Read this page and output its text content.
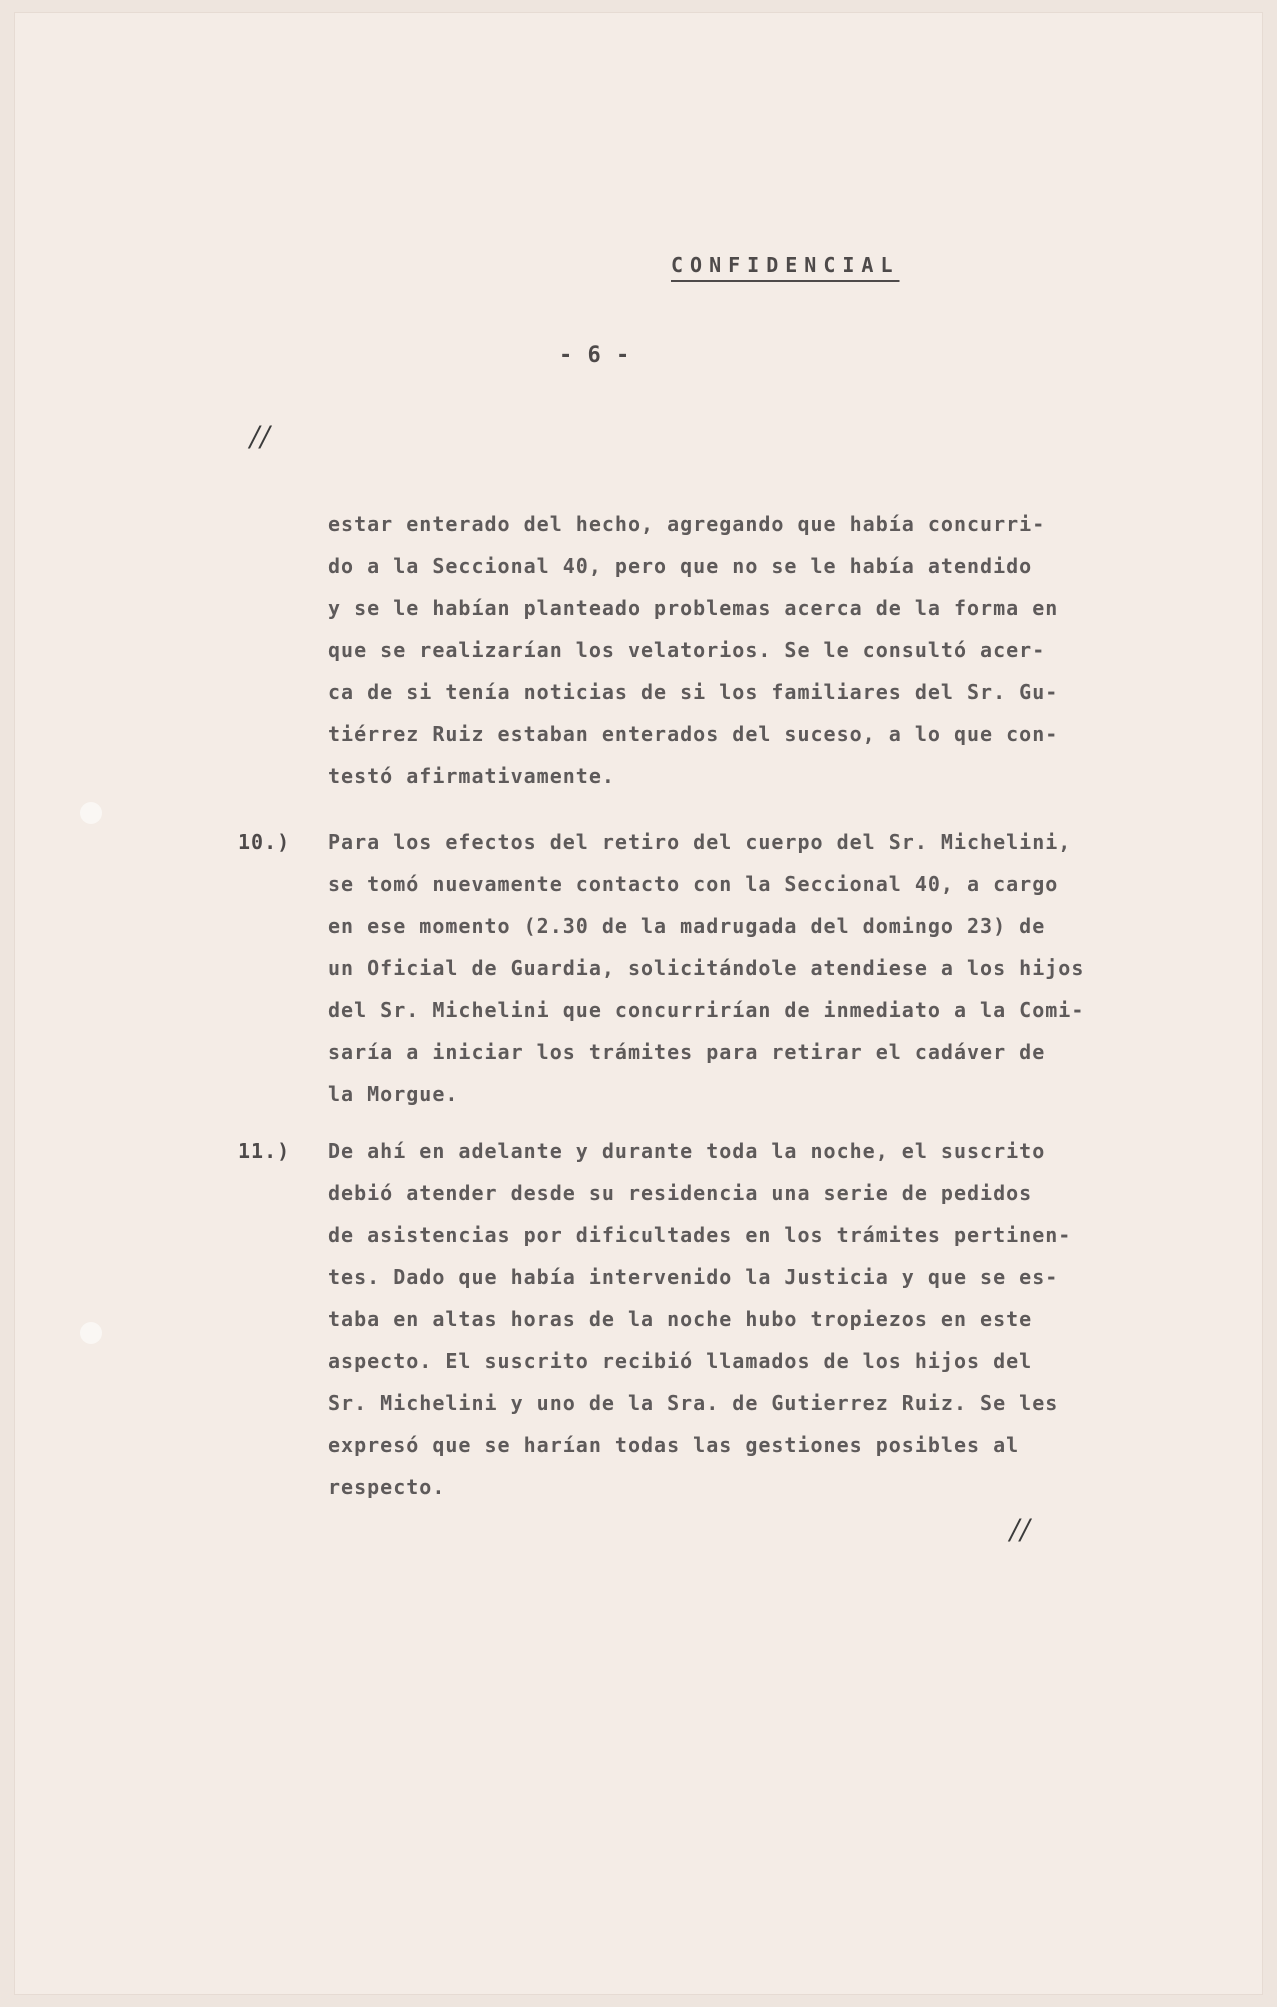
CONFIDENCIAL
- 6 -
//
estar enterado del hecho, agregando que había concurri-
do a la Seccional 40, pero que no se le había atendido
y se le habían planteado problemas acerca de la forma en
que se realizarían los velatorios. Se le consultó acer-
ca de si tenía noticias de si los familiares del Sr. Gu-
tiérrez Ruiz estaban enterados del suceso, a lo que con-
testó afirmativamente.
10.) Para los efectos del retiro del cuerpo del Sr. Michelini,
se tomó nuevamente contacto con la Seccional 40, a cargo
en ese momento (2.30 de la madrugada del domingo 23) de
un Oficial de Guardia, solicitándole atendiese a los hijos
del Sr. Michelini que concurrirían de inmediato a la Comi-
saría a iniciar los trámites para retirar el cadáver de
la Morgue.
11.) De ahí en adelante y durante toda la noche, el suscrito
debió atender desde su residencia una serie de pedidos
de asistencias por dificultades en los trámites pertinen-
tes. Dado que había intervenido la Justicia y que se es-
taba en altas horas de la noche hubo tropiezos en este
aspecto. El suscrito recibió llamados de los hijos del
Sr. Michelini y uno de la Sra. de Gutierrez Ruiz. Se les
expresó que se harían todas las gestiones posibles al
respecto.
//
